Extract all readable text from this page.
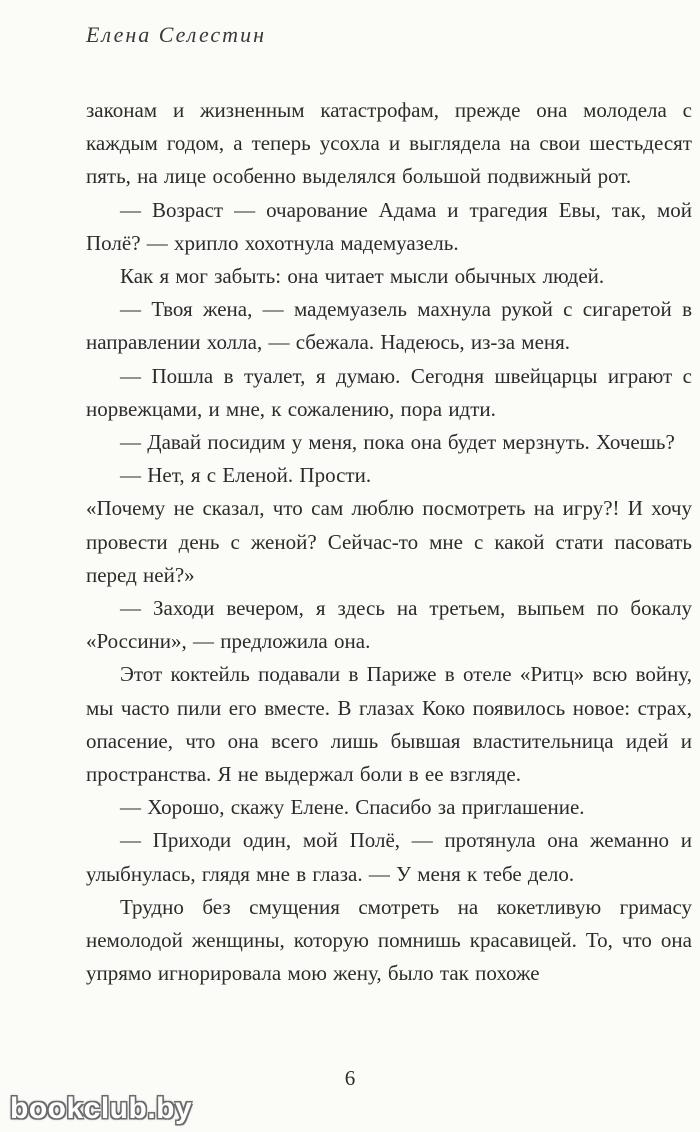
Елена Селестин

законам и жизненным катастрофам, прежде она молодела с каждым годом, а теперь усохла и выглядела на свои шестьдесят пять, на лице особенно выделялся большой подвижный рот.

— Возраст — очарование Адама и трагедия Евы, так, мой Полё? — хрипло хохотнула мадемуазель.

Как я мог забыть: она читает мысли обычных людей.

— Твоя жена, — мадемуазель махнула рукой с сигаретой в направлении холла, — сбежала. Надеюсь, из-за меня.

— Пошла в туалет, я думаю. Сегодня швейцарцы играют с норвежцами, и мне, к сожалению, пора идти.

— Давай посидим у меня, пока она будет мерзнуть. Хочешь?

— Нет, я с Еленой. Прости.

«Почему не сказал, что сам люблю посмотреть на игру?! И хочу провести день с женой? Сейчас-то мне с какой стати пасовать перед ней?»

— Заходи вечером, я здесь на третьем, выпьем по бокалу «Россини», — предложила она.

Этот коктейль подавали в Париже в отеле «Ритц» всю войну, мы часто пили его вместе. В глазах Коко появилось новое: страх, опасение, что она всего лишь бывшая властительница идей и пространства. Я не выдержал боли в ее взгляде.

— Хорошо, скажу Елене. Спасибо за приглашение.

— Приходи один, мой Полё, — протянула она жеманно и улыбнулась, глядя мне в глаза. — У меня к тебе дело.

Трудно без смущения смотреть на кокетливую гримасу немолодой женщины, которую помнишь красавицей. То, что она упрямо игнорировала мою жену, было так похоже

6
bookclub.by
